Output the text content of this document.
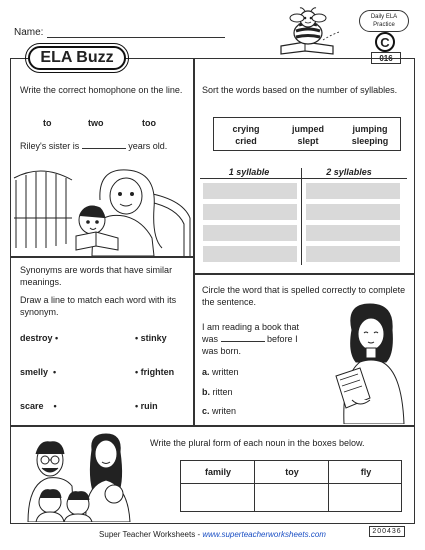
Name:
Daily ELA Practice
C
016
ELA Buzz
Write the correct homophone on the line.
to	two	too
Riley's sister is	years old.
Sort the words based on the number of syllables.
crying	jumped	jumping
cried	slept	sleeping
1 syllable	2 syllables
Synonyms are words that have similar meanings.
Draw a line to match each word with its synonym.
destroy •
smelly  •
scare    •
• stinky
• frighten
• ruin
Circle the word that is spelled correctly to complete the sentence.
I am reading a book that
was	before I
was born.
a. written
b. ritten
c. writen
Write the plural form of each noun in the boxes below.
family	toy	fly
Super Teacher Worksheets - www.superteacherworksheets.com	200436
